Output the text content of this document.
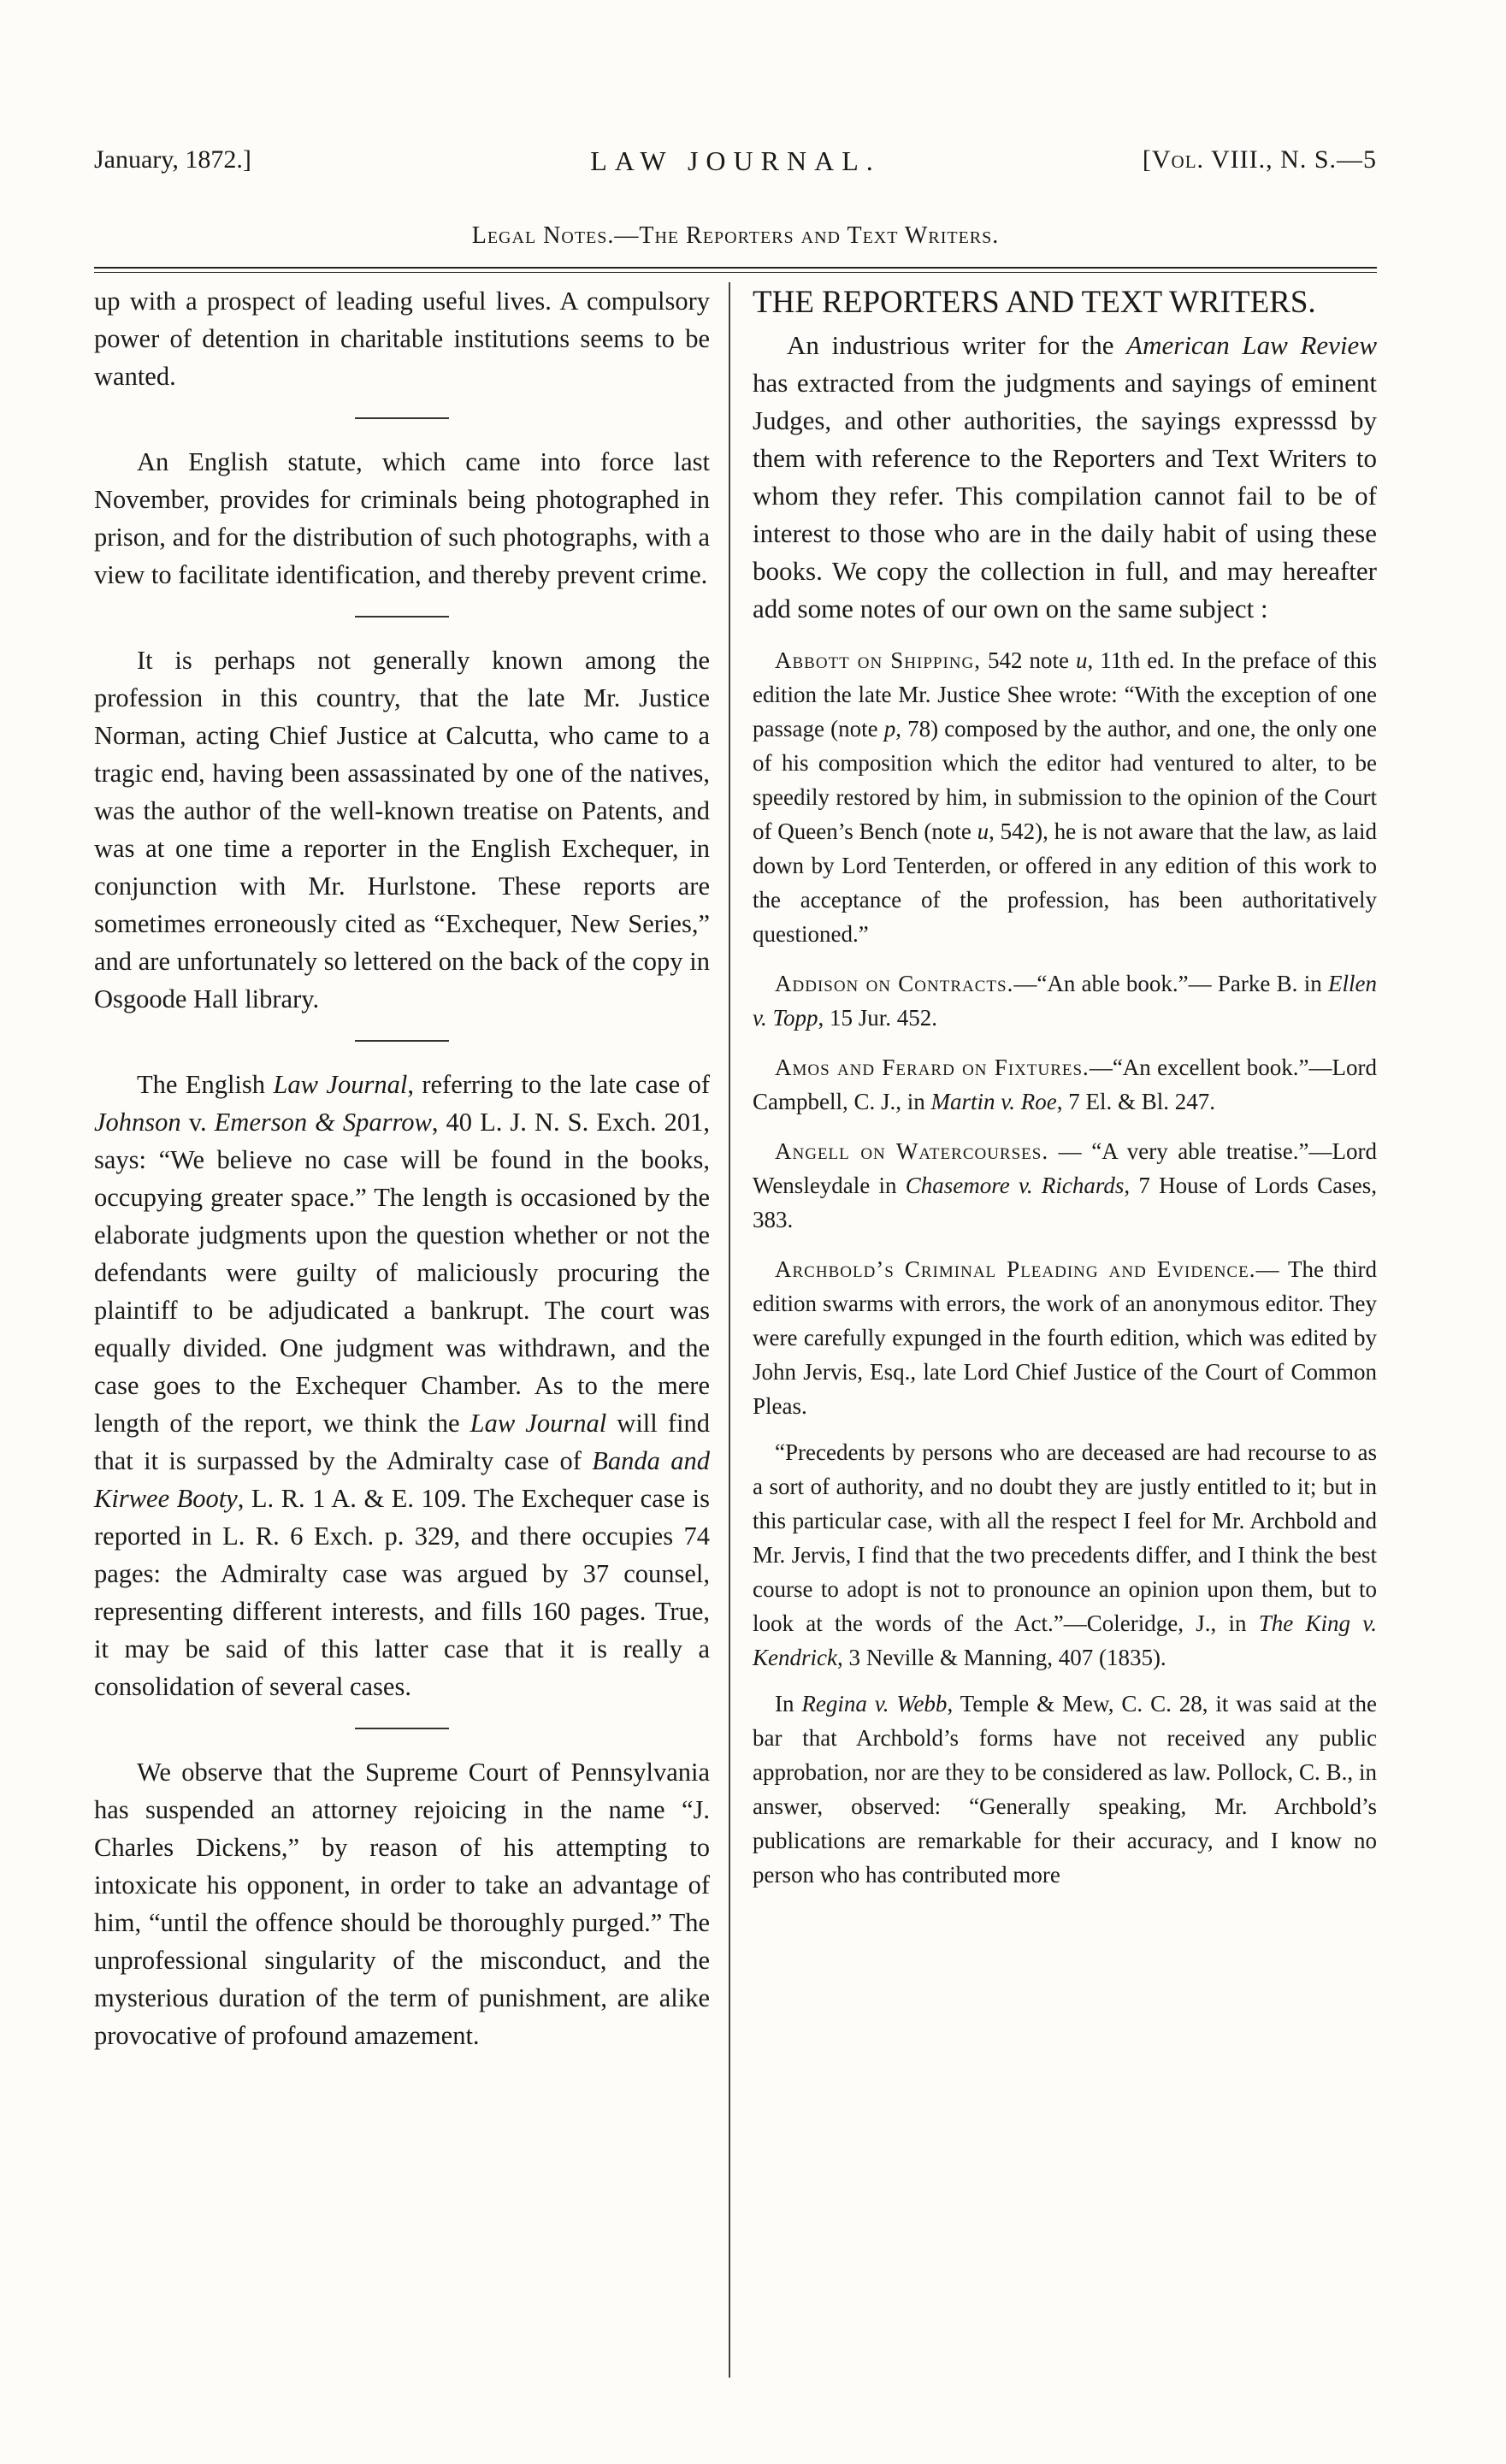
January, 1872.]	LAW JOURNAL.	[Vol. VIII., N. S.—5
Legal Notes.—The Reporters and Text Writers.

up with a prospect of leading useful lives. A compulsory power of detention in charitable institutions seems to be wanted.

An English statute, which came into force last November, provides for criminals being photographed in prison, and for the distribution of such photographs, with a view to facilitate identification, and thereby prevent crime.

It is perhaps not generally known among the profession in this country, that the late Mr. Justice Norman, acting Chief Justice at Calcutta, who came to a tragic end, having been assassinated by one of the natives, was the author of the well-known treatise on Patents, and was at one time a reporter in the English Exchequer, in conjunction with Mr. Hurlstone. These reports are sometimes erroneously cited as “Exchequer, New Series,” and are unfortunately so lettered on the back of the copy in Osgoode Hall library.

The English Law Journal, referring to the late case of Johnson v. Emerson & Sparrow, 40 L. J. N. S. Exch. 201, says: “We believe no case will be found in the books, occupying greater space.” The length is occasioned by the elaborate judgments upon the question whether or not the defendants were guilty of maliciously procuring the plaintiff to be adjudicated a bankrupt. The court was equally divided. One judgment was withdrawn, and the case goes to the Exchequer Chamber. As to the mere length of the report, we think the Law Journal will find that it is surpassed by the Admiralty case of Banda and Kirwee Booty, L. R. 1 A. & E. 109. The Exchequer case is reported in L. R. 6 Exch. p. 329, and there occupies 74 pages: the Admiralty case was argued by 37 counsel, representing different interests, and fills 160 pages. True, it may be said of this latter case that it is really a consolidation of several cases.

We observe that the Supreme Court of Pennsylvania has suspended an attorney rejoicing in the name “J. Charles Dickens,” by reason of his attempting to intoxicate his opponent, in order to take an advantage of him, “until the offence should be thoroughly purged.” The unprofessional singularity of the misconduct, and the mysterious duration of the term of punishment, are alike provocative of profound amazement.

THE REPORTERS AND TEXT WRITERS.

An industrious writer for the American Law Review has extracted from the judgments and sayings of eminent Judges, and other authorities, the sayings expresssd by them with reference to the Reporters and Text Writers to whom they refer. This compilation cannot fail to be of interest to those who are in the daily habit of using these books. We copy the collection in full, and may hereafter add some notes of our own on the same subject :

Abbott on Shipping, 542 note u, 11th ed. In the preface of this edition the late Mr. Justice Shee wrote: “With the exception of one passage (note p, 78) composed by the author, and one, the only one of his composition which the editor had ventured to alter, to be speedily restored by him, in submission to the opinion of the Court of Queen’s Bench (note u, 542), he is not aware that the law, as laid down by Lord Tenterden, or offered in any edition of this work to the acceptance of the profession, has been authoritatively questioned.”

Addison on Contracts.—“An able book.”— Parke B. in Ellen v. Topp, 15 Jur. 452.

Amos and Ferard on Fixtures.—“An excellent book.”—Lord Campbell, C. J., in Martin v. Roe, 7 El. & Bl. 247.

Angell on Watercourses. — “A very able treatise.”—Lord Wensleydale in Chasemore v. Richards, 7 House of Lords Cases, 383.

Archbold’s Criminal Pleading and Evidence.— The third edition swarms with errors, the work of an anonymous editor. They were carefully expunged in the fourth edition, which was edited by John Jervis, Esq., late Lord Chief Justice of the Court of Common Pleas.

“Precedents by persons who are deceased are had recourse to as a sort of authority, and no doubt they are justly entitled to it; but in this particular case, with all the respect I feel for Mr. Archbold and Mr. Jervis, I find that the two precedents differ, and I think the best course to adopt is not to pronounce an opinion upon them, but to look at the words of the Act.”—Coleridge, J., in The King v. Kendrick, 3 Neville & Manning, 407 (1835).

In Regina v. Webb, Temple & Mew, C. C. 28, it was said at the bar that Archbold’s forms have not received any public approbation, nor are they to be considered as law. Pollock, C. B., in answer, observed: “Generally speaking, Mr. Archbold’s publications are remarkable for their accuracy, and I know no person who has contributed more
